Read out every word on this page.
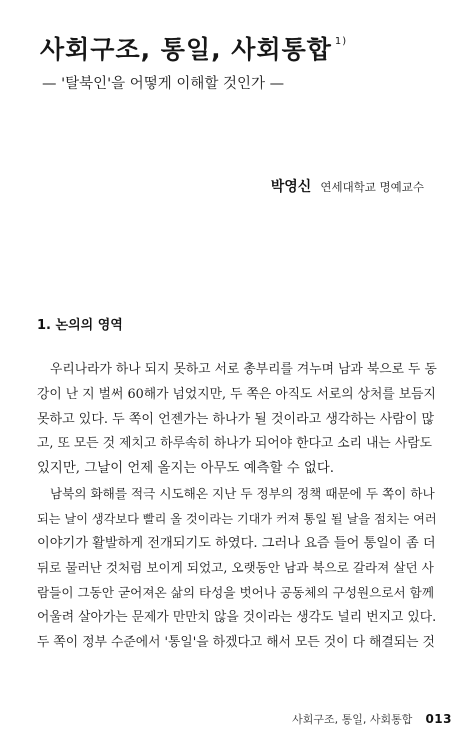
사회구조, 통일, 사회통합 $^{1)}$
— '탈북인'을 어떻게 이해할 것인가 —
박영신 연세대학교 명예교수
1. 논의의 영역
우리나라가 하나 되지 못하고 서로 총부리를 겨누며 남과 북으로 두 동
강이 난 지 벌써 60해가 넘었지만, 두 쪽은 아직도 서로의 상처를 보듬지
못하고 있다. 두 쪽이 언젠가는 하나가 될 것이라고 생각하는 사람이 많
고, 또 모든 것 제치고 하루속히 하나가 되어야 한다고 소리 내는 사람도
있지만, 그날이 언제 올지는 아무도 예측할 수 없다.
남북의 화해를 적극 시도해온 지난 두 정부의 정책 때문에 두 쪽이 하나
되는 날이 생각보다 빨리 올 것이라는 기대가 커져 통일 될 날을 점치는 여러
이야기가 활발하게 전개되기도 하였다. 그러나 요즘 들어 통일이 좀 더
뒤로 물러난 것처럼 보이게 되었고, 오랫동안 남과 북으로 갈라져 살던 사
람들이 그동안 굳어져온 삶의 타성을 벗어나 공동체의 구성원으로서 함께
어울려 살아가는 문제가 만만치 않을 것이라는 생각도 널리 번지고 있다.
두 쪽이 정부 수준에서 '통일'을 하겠다고 해서 모든 것이 다 해결되는 것
사회구조, 통일, 사회통합 013
